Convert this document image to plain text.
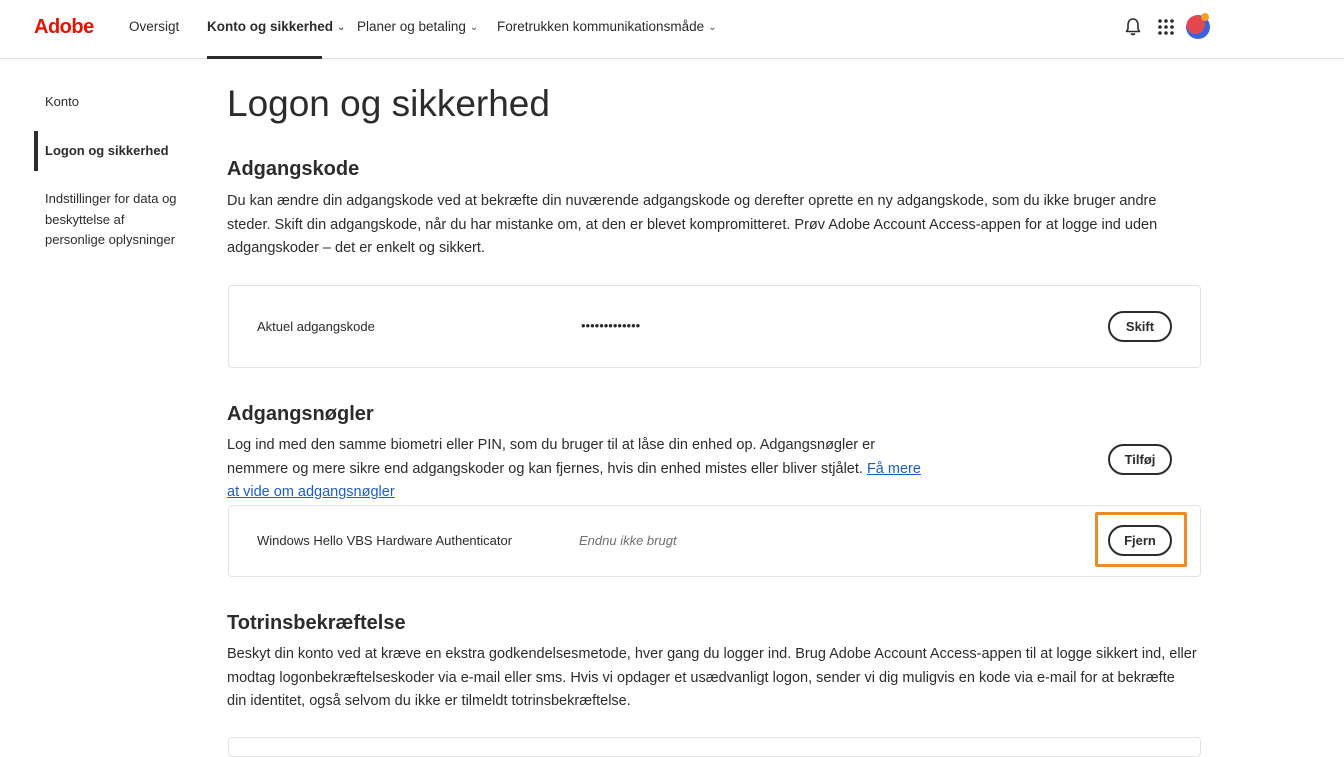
Adobe	Oversigt Konto og sikkerhed ⌄ Planer og betaling ⌄ Foretrukken kommunikationsmåde ⌄
Konto
Logon og sikkerhed
Indstillinger for data og beskyttelse af personlige oplysninger
Logon og sikkerhed
Adgangskode

Du kan ændre din adgangskode ved at bekræfte din nuværende adgangskode og derefter oprette en ny adgangskode, som du ikke bruger andre steder. Skift din adgangskode, når du har mistanke om, at den er blevet kompromitteret. Prøv Adobe Account Access-appen for at logge ind uden adgangskoder – det er enkelt og sikkert.

Aktuel adgangskode	•••••••••••••	Skift
Adgangsnøgler

Log ind med den samme biometri eller PIN, som du bruger til at låse din enhed op. Adgangsnøgler er nemmere og mere sikre end adgangskoder og kan fjernes, hvis din enhed mistes eller bliver stjålet. Få mere at vide om adgangsnøgler

Tilføj
Windows Hello VBS Hardware Authenticator	Endnu ikke brugt	Fjern
Totrinsbekræftelse

Beskyt din konto ved at kræve en ekstra godkendelsesmetode, hver gang du logger ind. Brug Adobe Account Access-appen til at logge sikkert ind, eller modtag logonbekræftelseskoder via e-mail eller sms. Hvis vi opdager et usædvanligt logon, sender vi dig muligvis en kode via e-mail for at bekræfte din identitet, også selvom du ikke er tilmeldt totrinsbekræftelse.
